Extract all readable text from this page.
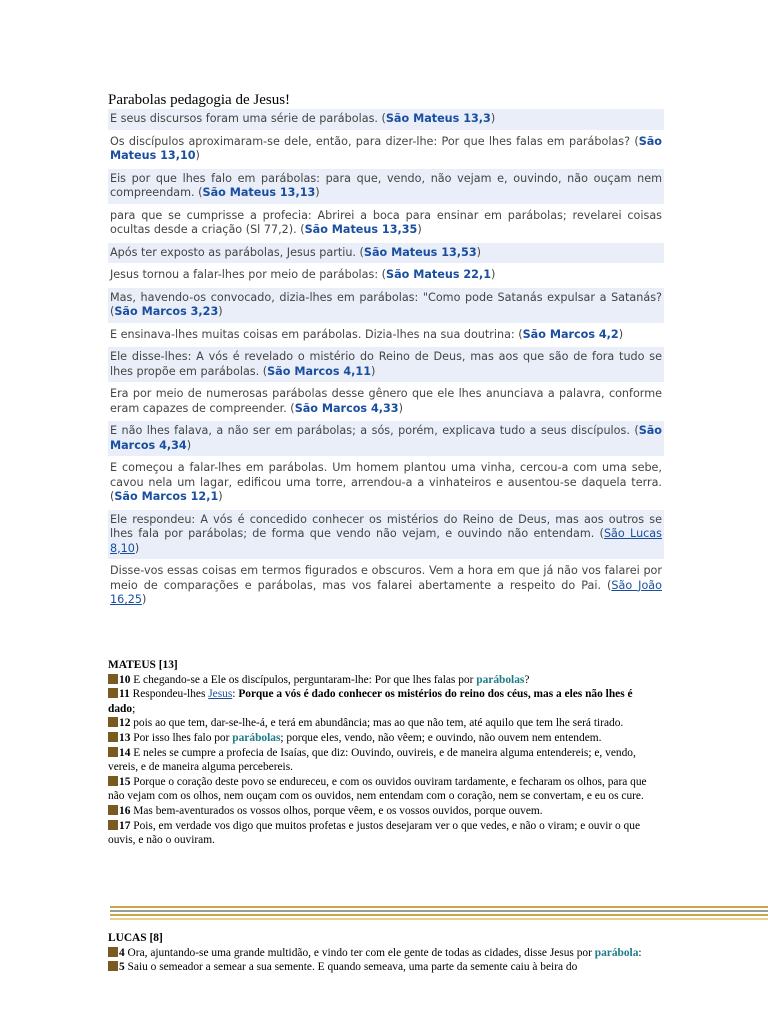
Parabolas pedagogia de Jesus!
E seus discursos foram uma série de parábolas. (São Mateus 13,3)
Os discípulos aproximaram-se dele, então, para dizer-lhe: Por que lhes falas em parábolas? (São Mateus 13,10)
Eis por que lhes falo em parábolas: para que, vendo, não vejam e, ouvindo, não ouçam nem compreendam. (São Mateus 13,13)
para que se cumprisse a profecia: Abrirei a boca para ensinar em parábolas; revelarei coisas ocultas desde a criação (Sl 77,2). (São Mateus 13,35)
Após ter exposto as parábolas, Jesus partiu. (São Mateus 13,53)
Jesus tornou a falar-lhes por meio de parábolas: (São Mateus 22,1)
Mas, havendo-os convocado, dizia-lhes em parábolas: "Como pode Satanás expulsar a Satanás? (São Marcos 3,23)
E ensinava-lhes muitas coisas em parábolas. Dizia-lhes na sua doutrina: (São Marcos 4,2)
Ele disse-lhes: A vós é revelado o mistério do Reino de Deus, mas aos que são de fora tudo se lhes propõe em parábolas. (São Marcos 4,11)
Era por meio de numerosas parábolas desse gênero que ele lhes anunciava a palavra, conforme eram capazes de compreender. (São Marcos 4,33)
E não lhes falava, a não ser em parábolas; a sós, porém, explicava tudo a seus discípulos. (São Marcos 4,34)
E começou a falar-lhes em parábolas. Um homem plantou uma vinha, cercou-a com uma sebe, cavou nela um lagar, edificou uma torre, arrendou-a a vinhateiros e ausentou-se daquela terra. (São Marcos 12,1)
Ele respondeu: A vós é concedido conhecer os mistérios do Reino de Deus, mas aos outros se lhes fala por parábolas; de forma que vendo não vejam, e ouvindo não entendam. (São Lucas 8,10)
Disse-vos essas coisas em termos figurados e obscuros. Vem a hora em que já não vos falarei por meio de comparações e parábolas, mas vos falarei abertamente a respeito do Pai. (São João 16,25)
MATEUS [13]
10 E chegando-se a Ele os discípulos, perguntaram-lhe: Por que lhes falas por parábolas?
11 Respondeu-lhes Jesus: Porque a vós é dado conhecer os mistérios do reino dos céus, mas a eles não lhes é dado;
12 pois ao que tem, dar-se-lhe-á, e terá em abundância; mas ao que não tem, até aquilo que tem lhe será tirado.
13 Por isso lhes falo por parábolas; porque eles, vendo, não vêem; e ouvindo, não ouvem nem entendem.
14 E neles se cumpre a profecia de Isaías, que diz: Ouvindo, ouvireis, e de maneira alguma entendereis; e, vendo, vereis, e de maneira alguma percebereis.
15 Porque o coração deste povo se endureceu, e com os ouvidos ouviram tardamente, e fecharam os olhos, para que não vejam com os olhos, nem ouçam com os ouvidos, nem entendam com o coração, nem se convertam, e eu os cure.
16 Mas bem-aventurados os vossos olhos, porque vêem, e os vossos ouvidos, porque ouvem.
17 Pois, em verdade vos digo que muitos profetas e justos desejaram ver o que vedes, e não o viram; e ouvir o que ouvis, e não o ouviram.
LUCAS [8]
4 Ora, ajuntando-se uma grande multidão, e vindo ter com ele gente de todas as cidades, disse Jesus por parábola:
5 Saiu o semeador a semear a sua semente. E quando semeava, uma parte da semente caiu à beira do
